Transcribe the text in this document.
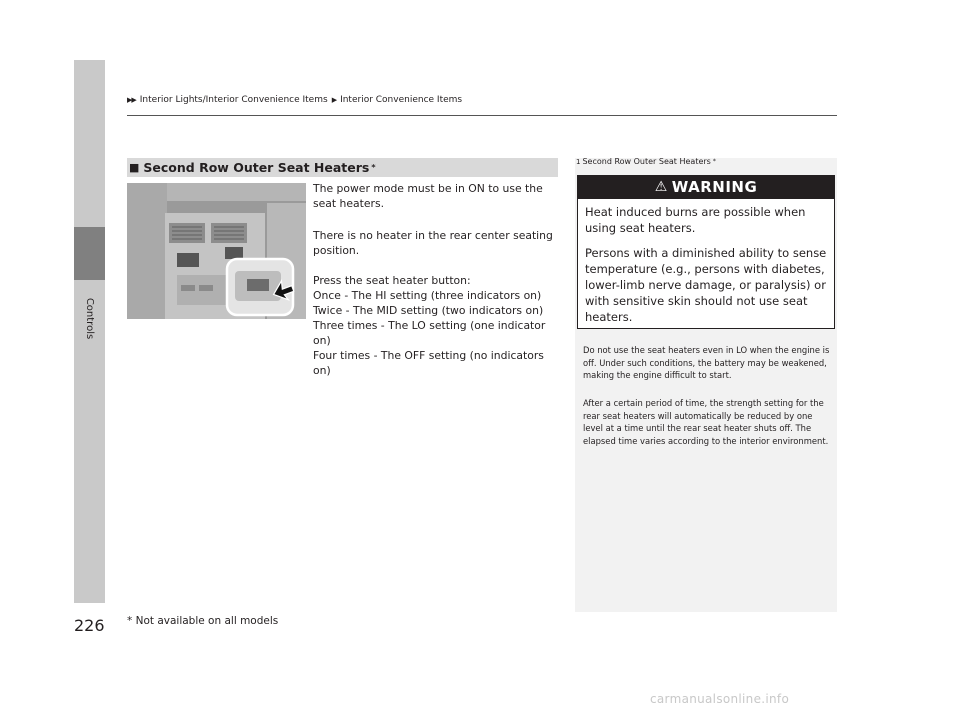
Controls
▶▶ Interior Lights/Interior Convenience Items ▶ Interior Convenience Items
■ Second Row Outer Seat Heaters *
The power mode must be in ON to use the seat heaters.
There is no heater in the rear center seating position.
Press the seat heater button:
Once - The HI setting (three indicators on)
Twice - The MID setting (two indicators on)
Three times - The LO setting (one indicator on)
Four times - The OFF setting (no indicators on)
1 Second Row Outer Seat Heaters *
⚠ WARNING
Heat induced burns are possible when using seat heaters.
Persons with a diminished ability to sense temperature (e.g., persons with diabetes, lower-limb nerve damage, or paralysis) or with sensitive skin should not use seat heaters.
Do not use the seat heaters even in LO when the engine is off. Under such conditions, the battery may be weakened, making the engine difficult to start.
After a certain period of time, the strength setting for the rear seat heaters will automatically be reduced by one level at a time until the rear seat heater shuts off. The elapsed time varies according to the interior environment.
226 * Not available on all models
carmanualsonline.info
